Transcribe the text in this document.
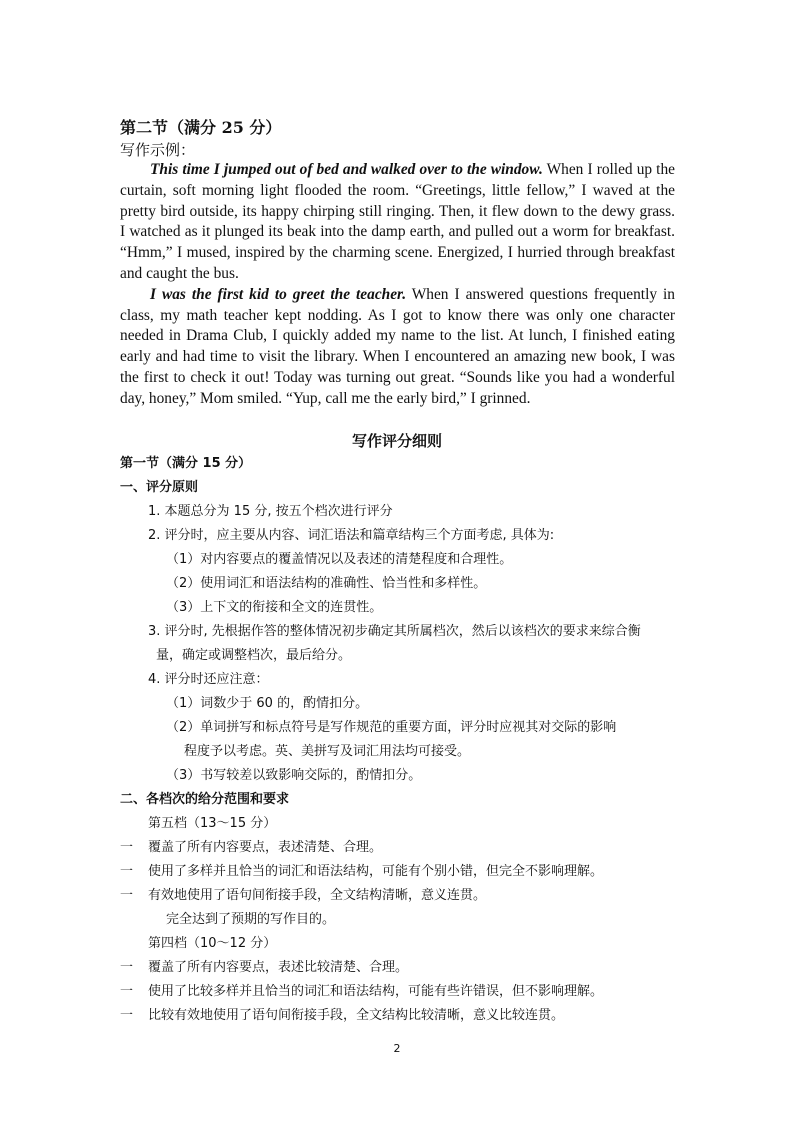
第二节（满分 25 分）
写作示例：

This time I jumped out of bed and walked over to the window. When I rolled up the curtain, soft morning light flooded the room. “Greetings, little fellow,” I waved at the pretty bird outside, its happy chirping still ringing. Then, it flew down to the dewy grass. I watched as it plunged its beak into the damp earth, and pulled out a worm for breakfast. “Hmm,” I mused, inspired by the charming scene. Energized, I hurried through breakfast and caught the bus.

I was the first kid to greet the teacher. When I answered questions frequently in class, my math teacher kept nodding. As I got to know there was only one character needed in Drama Club, I quickly added my name to the list. At lunch, I finished eating early and had time to visit the library. When I encountered an amazing new book, I was the first to check it out! Today was turning out great. “Sounds like you had a wonderful day, honey,” Mom smiled. “Yup, call me the early bird,” I grinned.

写作评分细则
第一节（满分 15 分）
一、评分原则
1. 本题总分为 15 分, 按五个档次进行评分
2. 评分时，应主要从内容、词汇语法和篇章结构三个方面考虑, 具体为:
（1）对内容要点的覆盖情况以及表述的清楚程度和合理性。
（2）使用词汇和语法结构的准确性、恰当性和多样性。
（3）上下文的衔接和全文的连贯性。
3. 评分时, 先根据作答的整体情况初步确定其所属档次，然后以该档次的要求来综合衡
量，确定或调整档次，最后给分。
4. 评分时还应注意：
（1）词数少于 60 的，酌情扣分。
（2）单词拼写和标点符号是写作规范的重要方面，评分时应视其对交际的影响
程度予以考虑。英、美拼写及词汇用法均可接受。
（3）书写较差以致影响交际的，酌情扣分。
二、各档次的给分范围和要求
第五档（13～15 分）
一 覆盖了所有内容要点，表述清楚、合理。
一 使用了多样并且恰当的词汇和语法结构，可能有个别小错，但完全不影响理解。
一 有效地使用了语句间衔接手段，全文结构清晰，意义连贯。
完全达到了预期的写作目的。
第四档（10～12 分）
一 覆盖了所有内容要点，表述比较清楚、合理。
一 使用了比较多样并且恰当的词汇和语法结构，可能有些许错误，但不影响理解。
一 比较有效地使用了语句间衔接手段，全文结构比较清晰，意义比较连贯。
2
